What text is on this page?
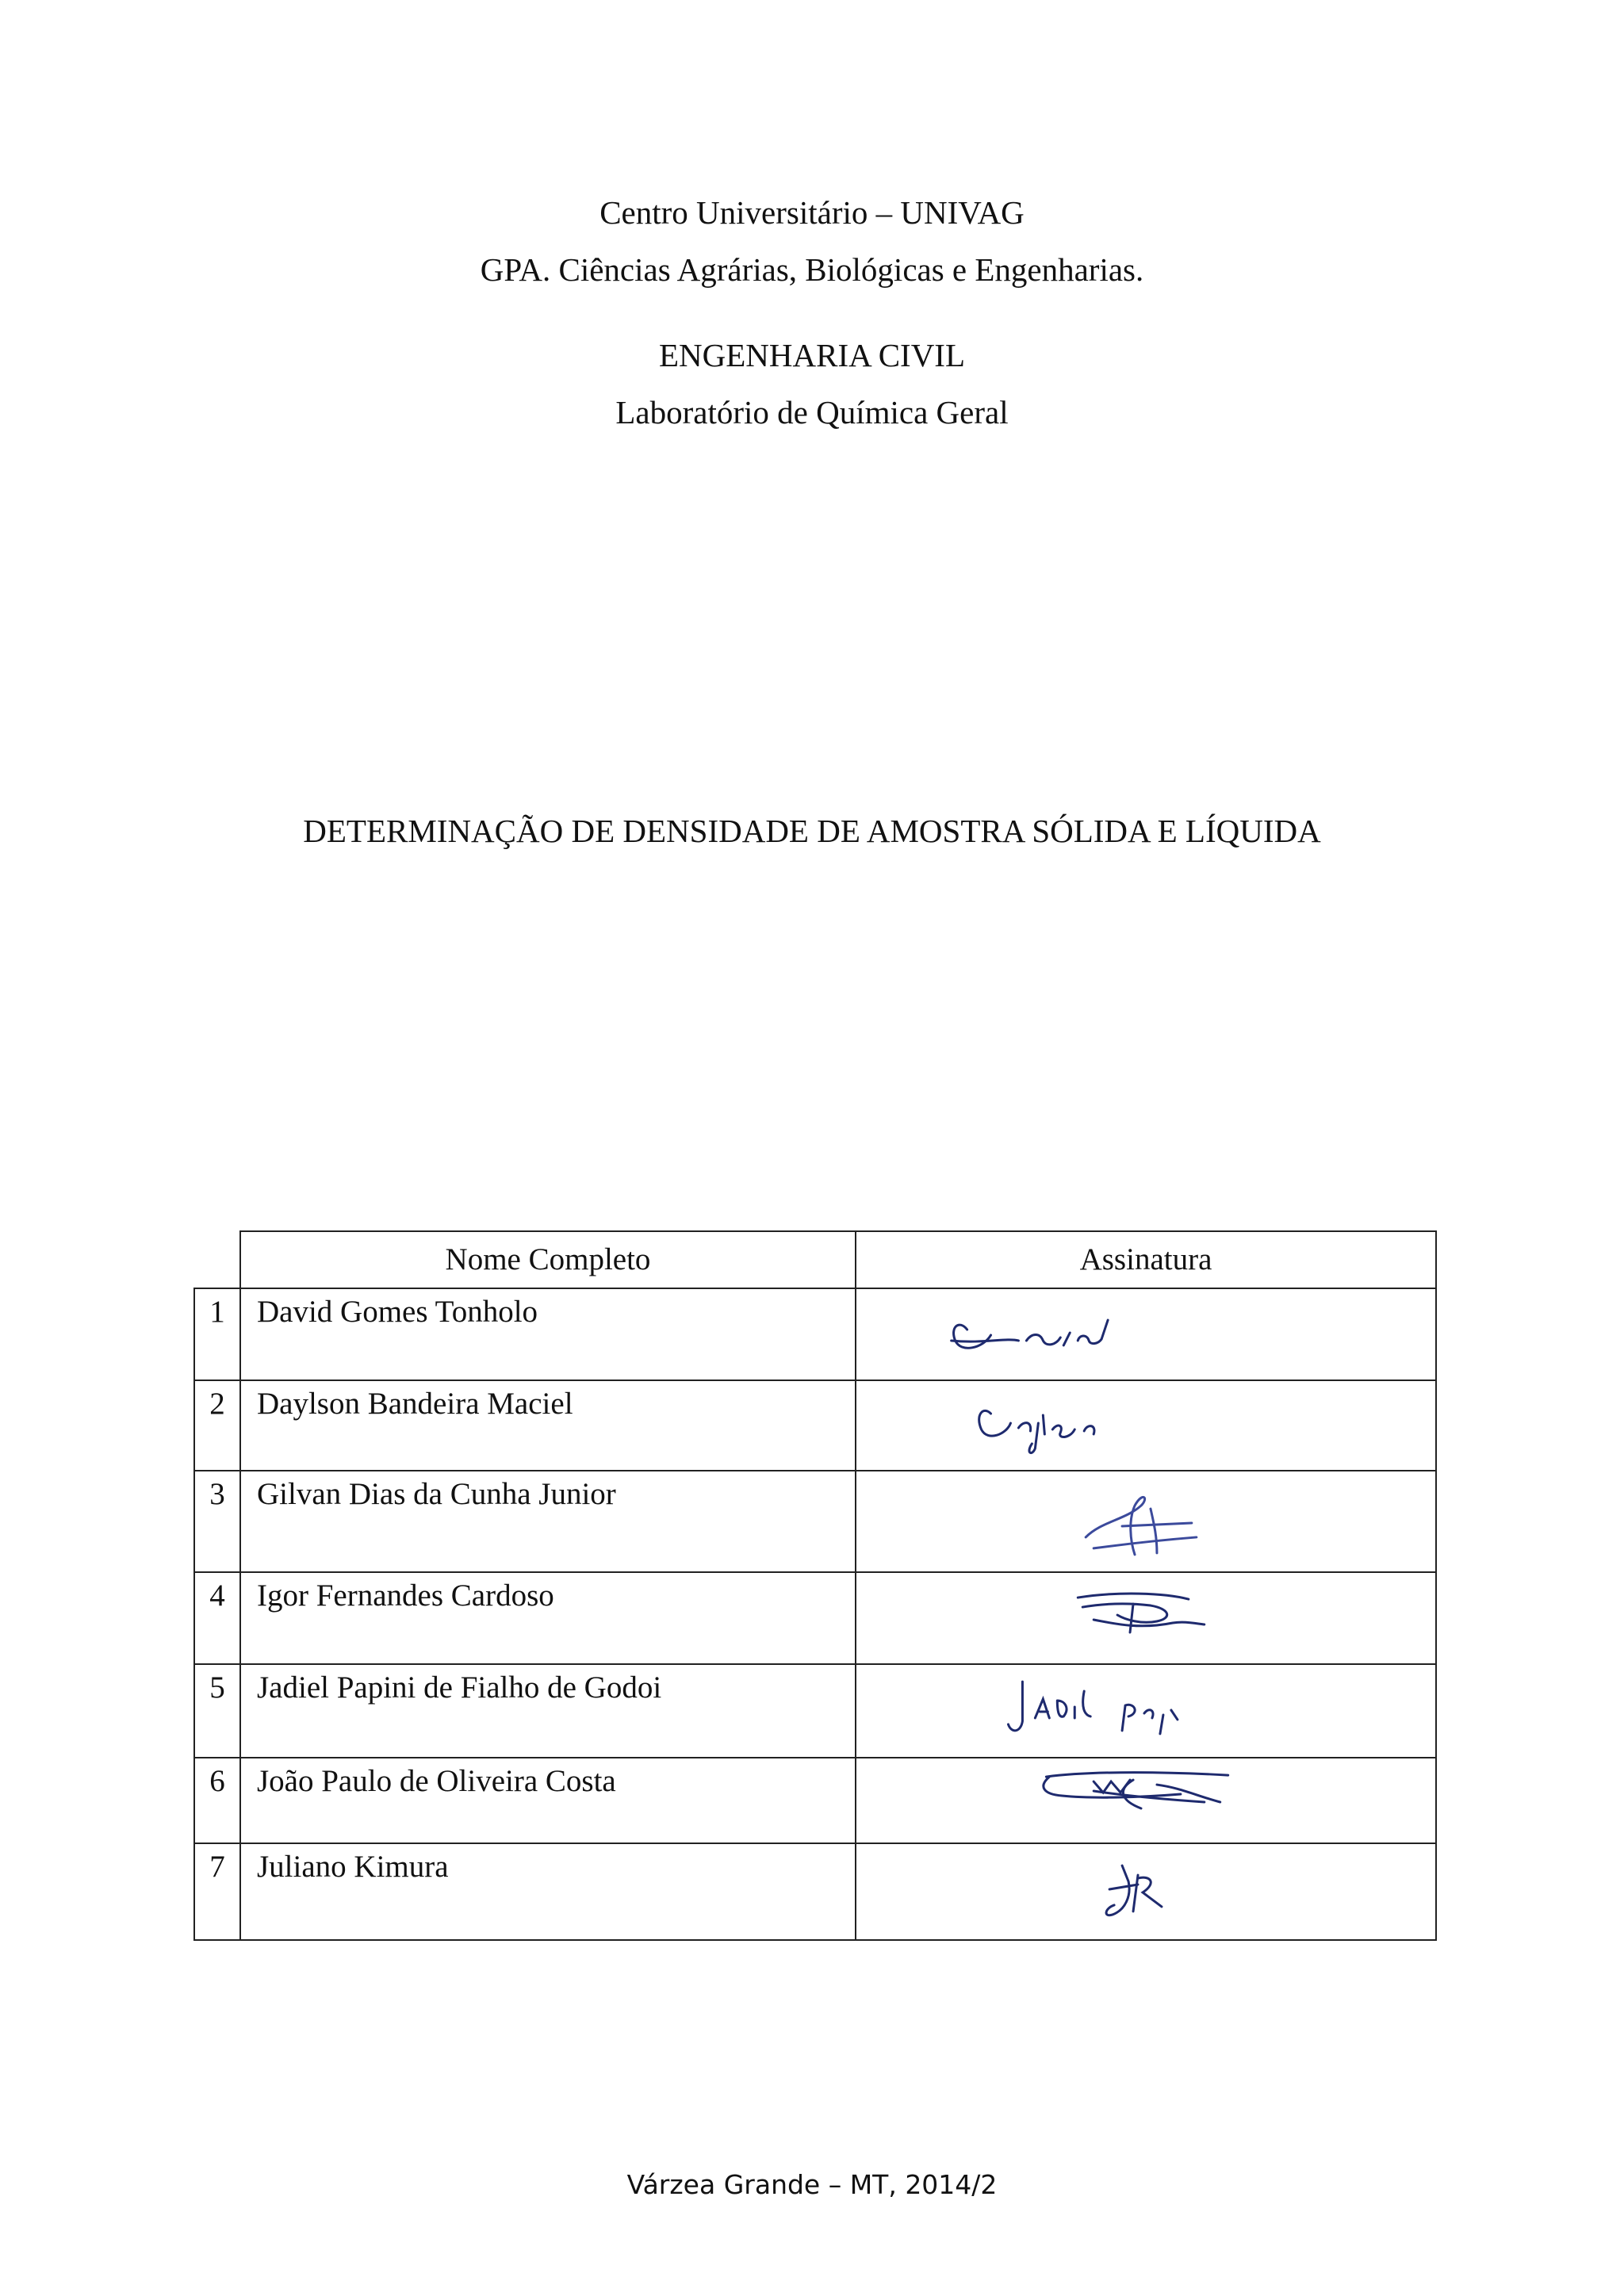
Centro Universitário – UNIVAG
GPA. Ciências Agrárias, Biológicas e Engenharias.
ENGENHARIA CIVIL
Laboratório de Química Geral
DETERMINAÇÃO DE DENSIDADE DE AMOSTRA SÓLIDA E LÍQUIDA
	Nome Completo	Assinatura
1	David Gomes Tonholo	

2	Daylson Bandeira Maciel	

3	Gilvan Dias da Cunha Junior	

4	Igor Fernandes Cardoso	

5	Jadiel Papini de Fialho de Godoi	

6	João Paulo de Oliveira Costa	

7	Juliano Kimura	
Várzea Grande – MT, 2014/2
